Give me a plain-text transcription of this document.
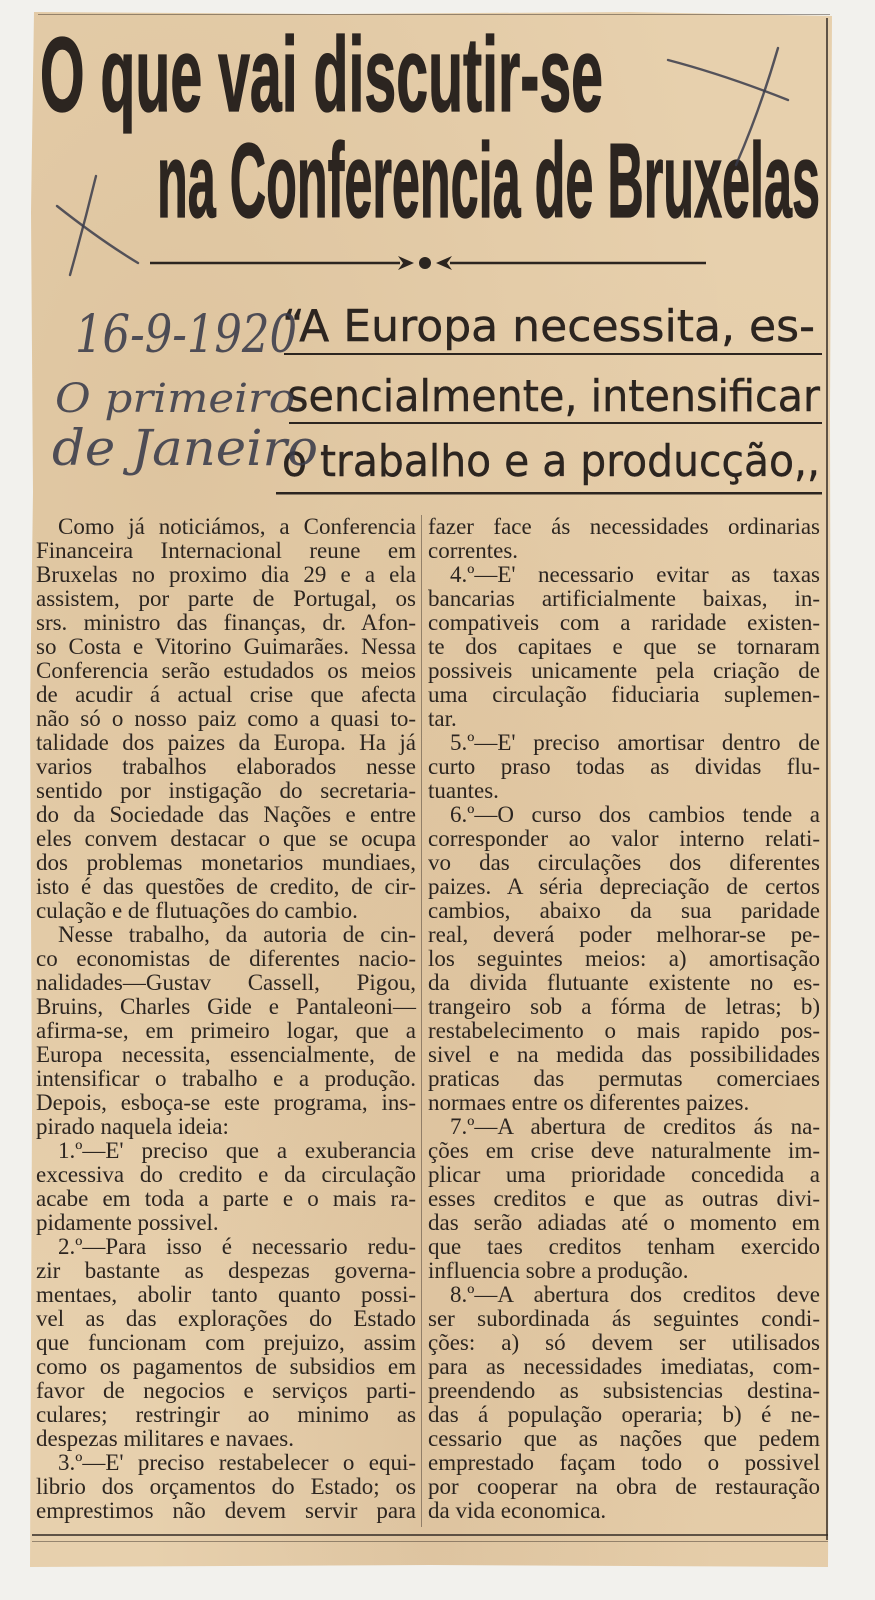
O que vai discutir-se
na Conferencia de Bruxelas
“A Europa necessita, es-
sencialmente, intensificar
o trabalho e a producção,,
16-9-1920
O primeiro
de Janeiro
Como já noticiámos, a Conferencia
Financeira Internacional reune em
Bruxelas no proximo dia 29 e a ela
assistem, por parte de Portugal, os
srs. ministro das finanças, dr. Afon-
so Costa e Vitorino Guimarães. Nessa
Conferencia serão estudados os meios
de acudir á actual crise que afecta
não só o nosso paiz como a quasi to-
talidade dos paizes da Europa. Ha já
varios trabalhos elaborados nesse
sentido por instigação do secretaria-
do da Sociedade das Nações e entre
eles convem destacar o que se ocupa
dos problemas monetarios mundiaes,
isto é das questões de credito, de cir-
culação e de flutuações do cambio.
Nesse trabalho, da autoria de cin-
co economistas de diferentes nacio-
nalidades—Gustav Cassell, Pigou,
Bruins, Charles Gide e Pantaleoni—
afirma-se, em primeiro logar, que a
Europa necessita, essencialmente, de
intensificar o trabalho e a produção.
Depois, esboça-se este programa, ins-
pirado naquela ideia:
1.º—E' preciso que a exuberancia
excessiva do credito e da circulação
acabe em toda a parte e o mais ra-
pidamente possivel.
2.º—Para isso é necessario redu-
zir bastante as despezas governa-
mentaes, abolir tanto quanto possi-
vel as das explorações do Estado
que funcionam com prejuizo, assim
como os pagamentos de subsidios em
favor de negocios e serviços parti-
culares; restringir ao minimo as
despezas militares e navaes.
3.º—E' preciso restabelecer o equi-
librio dos orçamentos do Estado; os
emprestimos não devem servir para
fazer face ás necessidades ordinarias
correntes.
4.º—E' necessario evitar as taxas
bancarias artificialmente baixas, in-
compativeis com a raridade existen-
te dos capitaes e que se tornaram
possiveis unicamente pela criação de
uma circulação fiduciaria suplemen-
tar.
5.º—E' preciso amortisar dentro de
curto praso todas as dividas flu-
tuantes.
6.º—O curso dos cambios tende a
corresponder ao valor interno relati-
vo das circulações dos diferentes
paizes. A séria depreciação de certos
cambios, abaixo da sua paridade
real, deverá poder melhorar-se pe-
los seguintes meios: a) amortisação
da divida flutuante existente no es-
trangeiro sob a fórma de letras; b)
restabelecimento o mais rapido pos-
sivel e na medida das possibilidades
praticas das permutas comerciaes
normaes entre os diferentes paizes.
7.º—A abertura de creditos ás na-
ções em crise deve naturalmente im-
plicar uma prioridade concedida a
esses creditos e que as outras divi-
das serão adiadas até o momento em
que taes creditos tenham exercido
influencia sobre a produção.
8.º—A abertura dos creditos deve
ser subordinada ás seguintes condi-
ções: a) só devem ser utilisados
para as necessidades imediatas, com-
preendendo as subsistencias destina-
das á população operaria; b) é ne-
cessario que as nações que pedem
emprestado façam todo o possivel
por cooperar na obra de restauração
da vida economica.
